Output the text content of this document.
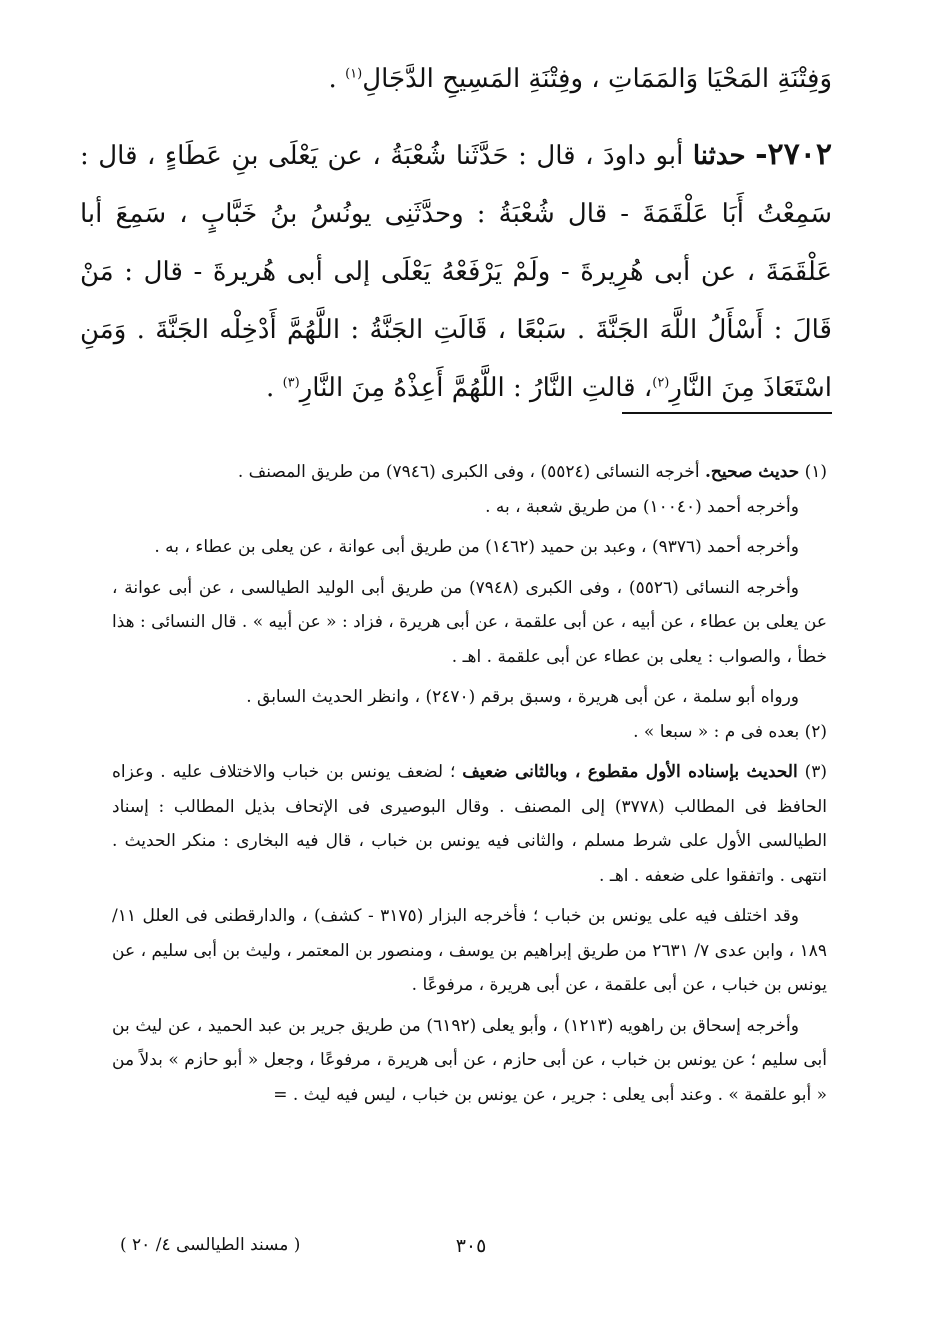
وَفِتْنَةِ المَحْيَا وَالمَمَاتِ ، وفِتْنَةِ المَسِيحِ الدَّجَالِ$^{(١)}$ .

٢٧٠٢- حدثنا أبو داودَ ، قال : حَدَّثَنا شُعْبَةُ ، عن يَعْلَى بنِ عَطَاءٍ ، قال : سَمِعْتُ أَبَا عَلْقَمَةَ - قال شُعْبَةُ : وحدَّثَنِى يونُسُ بنُ خَبَّابٍ ، سَمِعَ أبا عَلْقَمَةَ ، عن أبى هُرِيرةَ - ولَمْ يَرْفَعْهُ يَعْلَى إلى أبى هُريرةَ - قال : مَنْ قَالَ : أَسْأَلُ اللَّهَ الجَنَّةَ . سَبْعًا ، قَالَتِ الجَنَّةُ : اللَّهُمَّ أَدْخِلْه الجَنَّةَ . وَمَنِ اسْتَعَاذَ مِنَ النَّارِ$^{(٢)}$، قالتِ النَّارُ : اللَّهُمَّ أَعِذْهُ مِنَ النَّارِ$^{(٣)}$ .

(١) حديث صحيح. أخرجه النسائى (٥٥٢٤) ، وفى الكبرى (٧٩٤٦) من طريق المصنف .

وأخرجه أحمد (١٠٠٤٠) من طريق شعبة ، به .

وأخرجه أحمد (٩٣٧٦) ، وعبد بن حميد (١٤٦٢) من طريق أبى عوانة ، عن يعلى بن عطاء ، به .

وأخرجه النسائى (٥٥٢٦) ، وفى الكبرى (٧٩٤٨) من طريق أبى الوليد الطيالسى ، عن أبى عوانة ، عن يعلى بن عطاء ، عن أبيه ، عن أبى علقمة ، عن أبى هريرة ، فزاد : « عن أبيه » . قال النسائى : هذا خطأ ، والصواب : يعلى بن عطاء عن أبى علقمة . اهـ .

ورواه أبو سلمة ، عن أبى هريرة ، وسبق برقم (٢٤٧٠) ، وانظر الحديث السابق .

(٢) بعده فى م : « سبعا » .

(٣) الحديث بإسناده الأول مقطوع ، وبالثانى ضعيف ؛ لضعف يونس بن خباب والاختلاف عليه . وعزاه الحافظ فى المطالب (٣٧٧٨) إلى المصنف . وقال البوصيرى فى الإتحاف بذيل المطالب : إسناد الطيالسى الأول على شرط مسلم ، والثانى فيه يونس بن خباب ، قال فيه البخارى : منكر الحديث . انتهى . واتفقوا على ضعفه . اهـ .

وقد اختلف فيه على يونس بن خباب ؛ فأخرجه البزار (٣١٧٥ - كشف) ، والدارقطنى فى العلل ١١/ ١٨٩ ، وابن عدى ٧/ ٢٦٣١ من طريق إبراهيم بن يوسف ، ومنصور بن المعتمر ، وليث بن أبى سليم ، عن يونس بن خباب ، عن أبى علقمة ، عن أبى هريرة ، مرفوعًا .

وأخرجه إسحاق بن راهويه (١٢١٣) ، وأبو يعلى (٦١٩٢) من طريق جرير بن عبد الحميد ، عن ليث بن أبى سليم ؛ عن يونس بن خباب ، عن أبى حازم ، عن أبى هريرة ، مرفوعًا ، وجعل « أبو حازم » بدلاً من « أبو علقمة » . وعند أبى يعلى : جرير ، عن يونس بن خباب ، ليس فيه ليث . =

٣٠٥
( مسند الطيالسى ٤/ ٢٠ )
